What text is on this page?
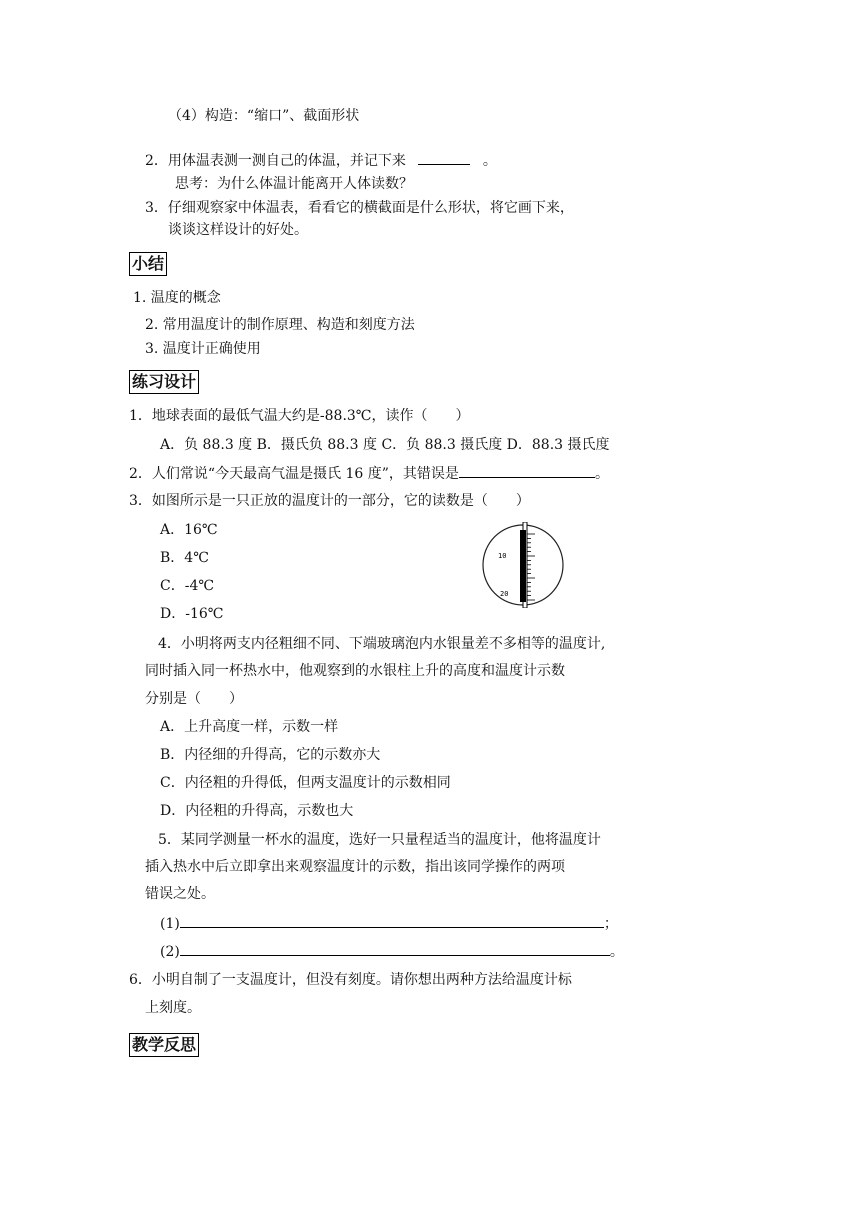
（4）构造：“缩口”、截面形状
2．用体温表测一测自己的体温，并记下来	。
思考：为什么体温计能离开人体读数？
3．仔细观察家中体温表，看看它的横截面是什么形状，将它画下来，
谈谈这样设计的好处。
小结
1. 温度的概念
2. 常用温度计的制作原理、构造和刻度方法
3. 温度计正确使用
练习设计
1．地球表面的最低气温大约是-88.3℃，读作（　　）
A．负 88.3 度 B．摄氏负 88.3 度 C．负 88.3 摄氏度 D．88.3 摄氏度
2．人们常说“今天最高气温是摄氏 16 度”，其错误是	。
3．如图所示是一只正放的温度计的一部分，它的读数是（　　）
A．16℃
B．4℃
C．-4℃
D．-16℃
10
20
4．小明将两支内径粗细不同、下端玻璃泡内水银量差不多相等的温度计,
同时插入同一杯热水中，他观察到的水银柱上升的高度和温度计示数
分别是（　　）
A．上升高度一样，示数一样
B．内径细的升得高，它的示数亦大
C．内径粗的升得低，但两支温度计的示数相同
D．内径粗的升得高，示数也大
5．某同学测量一杯水的温度，选好一只量程适当的温度计，他将温度计
插入热水中后立即拿出来观察温度计的示数，指出该同学操作的两项
错误之处。
(1)	；
(2)	。
6．小明自制了一支温度计，但没有刻度。请你想出两种方法给温度计标
上刻度。
教学反思
